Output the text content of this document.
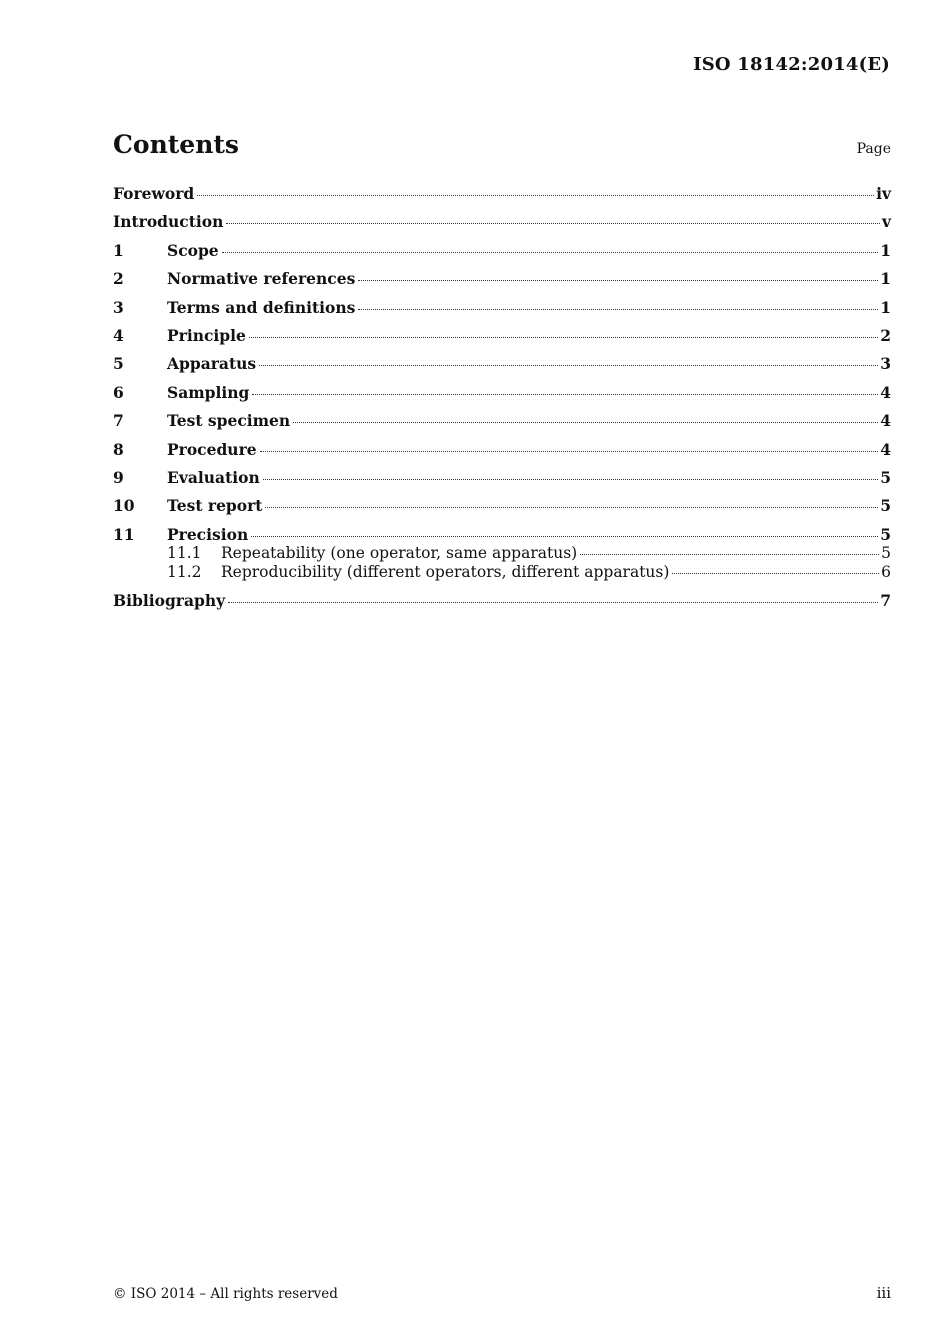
ISO 18142:2014(E)
Contents	Page
Foreword	iv
Introduction	v
1	Scope	1
2	Normative references	1
3	Terms and definitions	1
4	Principle	2
5	Apparatus	3
6	Sampling	4
7	Test specimen	4
8	Procedure	4
9	Evaluation	5
10	Test report	5
11	Precision	5
11.1	Repeatability (one operator, same apparatus)	5
11.2	Reproducibility (different operators, different apparatus)	6
Bibliography	7
© ISO 2014 – All rights reserved	iii
